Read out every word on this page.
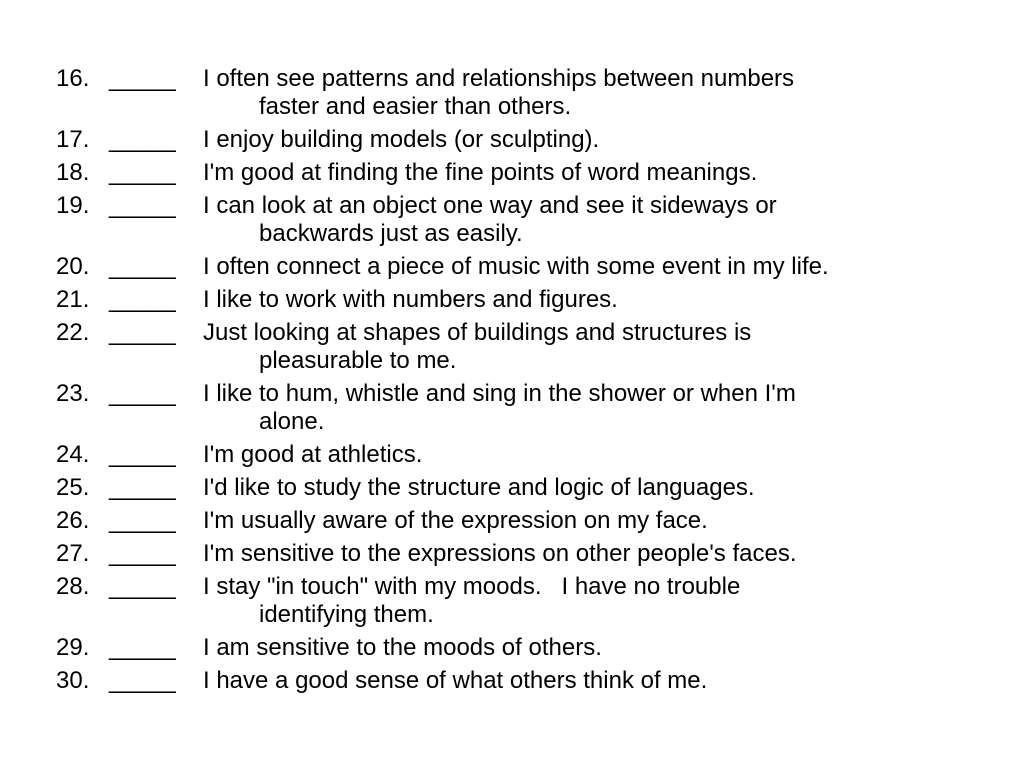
16. _____	I often see patterns and relationships between numbers
faster and easier than others.
17. _____	I enjoy building models (or sculpting).
18. _____	I'm good at finding the fine points of word meanings.
19. _____	I can look at an object one way and see it sideways or
backwards just as easily.
20. _____	I often connect a piece of music with some event in my life.
21. _____	I like to work with numbers and figures.
22. _____	Just looking at shapes of buildings and structures is
pleasurable to me.
23. _____	I like to hum, whistle and sing in the shower or when I'm
alone.
24. _____	I'm good at athletics.
25. _____	I'd like to study the structure and logic of languages.
26. _____	I'm usually aware of the expression on my face.
27. _____	I'm sensitive to the expressions on other people's faces.
28. _____	I stay "in touch" with my moods.   I have no trouble
identifying them.
29. _____	I am sensitive to the moods of others.
30. _____	I have a good sense of what others think of me.
